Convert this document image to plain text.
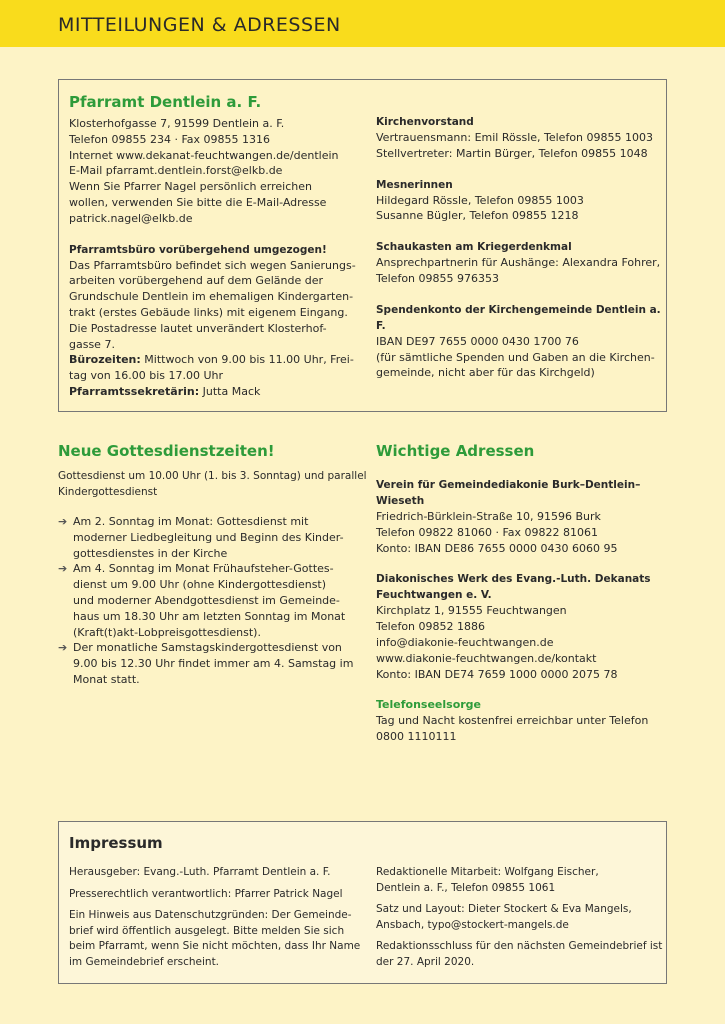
MITTEILUNGEN & ADRESSEN
Pfarramt Dentlein a. F.
Klosterhofgasse 7, 91599 Dentlein a. F.
Telefon 09855 234 · Fax 09855 1316
Internet www.dekanat-feuchtwangen.de/dentlein
E-Mail pfarramt.dentlein.forst@elkb.de
Wenn Sie Pfarrer Nagel persönlich erreichen
wollen, verwenden Sie bitte die E-Mail-Adresse
patrick.nagel@elkb.de
Pfarramtsbüro vorübergehend umgezogen!
Das Pfarramtsbüro befindet sich wegen Sanierungs-
arbeiten vorübergehend auf dem Gelände der
Grundschule Dentlein im ehemaligen Kindergarten-
trakt (erstes Gebäude links) mit eigenem Eingang.
Die Postadresse lautet unverändert Klosterhof-
gasse 7.
Bürozeiten: Mittwoch von 9.00 bis 11.00 Uhr, Frei-
tag von 16.00 bis 17.00 Uhr
Pfarramtssekretärin: Jutta Mack
Kirchenvorstand
Vertrauensmann: Emil Rössle, Telefon 09855 1003
Stellvertreter: Martin Bürger, Telefon 09855 1048
Mesnerinnen
Hildegard Rössle, Telefon 09855 1003
Susanne Bügler, Telefon 09855 1218
Schaukasten am Kriegerdenkmal
Ansprechpartnerin für Aushänge: Alexandra Fohrer,
Telefon 09855 976353
Spendenkonto der Kirchengemeinde Dentlein a. F.
IBAN DE97 7655 0000 0430 1700 76
(für sämtliche Spenden und Gaben an die Kirchen-
gemeinde, nicht aber für das Kirchgeld)
Neue Gottesdienstzeiten!
Gottesdienst um 10.00 Uhr (1. bis 3. Sonntag) und parallel
Kindergottesdienst
➔ Am 2. Sonntag im Monat: Gottesdienst mit
moderner Liedbegleitung und Beginn des Kinder-
gottesdienstes in der Kirche
➔ Am 4. Sonntag im Monat Frühaufsteher-Gottes-
dienst um 9.00 Uhr (ohne Kindergottesdienst)
und moderner Abendgottesdienst im Gemeinde-
haus um 18.30 Uhr am letzten Sonntag im Monat
(Kraft(t)akt-Lobpreisgottesdienst).
➔ Der monatliche Samstagskindergottesdienst von
9.00 bis 12.30 Uhr findet immer am 4. Samstag im
Monat statt.
Wichtige Adressen
Verein für Gemeindediakonie Burk–Dentlein–Wieseth
Friedrich-Bürklein-Straße 10, 91596 Burk
Telefon 09822 81060 · Fax 09822 81061
Konto: IBAN DE86 7655 0000 0430 6060 95
Diakonisches Werk des Evang.-Luth. Dekanats
Feuchtwangen e. V.
Kirchplatz 1, 91555 Feuchtwangen
Telefon 09852 1886
info@diakonie-feuchtwangen.de
www.diakonie-feuchtwangen.de/kontakt
Konto: IBAN DE74 7659 1000 0000 2075 78
Telefonseelsorge
Tag und Nacht kostenfrei erreichbar unter Telefon
0800 1110111
Impressum
Herausgeber: Evang.-Luth. Pfarramt Dentlein a. F.
Presserechtlich verantwortlich: Pfarrer Patrick Nagel
Ein Hinweis aus Datenschutzgründen: Der Gemeinde-
brief wird öffentlich ausgelegt. Bitte melden Sie sich
beim Pfarramt, wenn Sie nicht möchten, dass Ihr Name
im Gemeindebrief erscheint.
Redaktionelle Mitarbeit: Wolfgang Eischer,
Dentlein a. F., Telefon 09855 1061
Satz und Layout: Dieter Stockert & Eva Mangels,
Ansbach, typo@stockert-mangels.de
Redaktionsschluss für den nächsten Gemeindebrief ist
der 27. April 2020.
